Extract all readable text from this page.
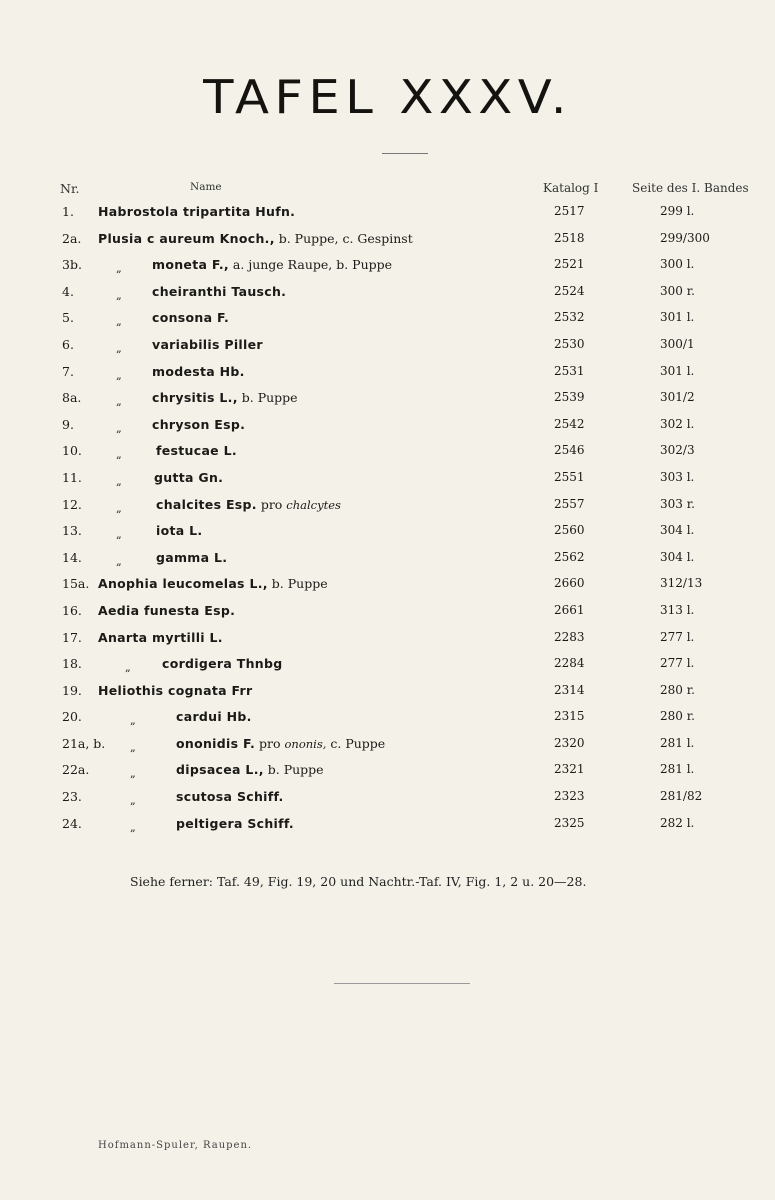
TAFEL XXXV.
Nr.	Name	Katalog I	Seite des I. Bandes
1. Habrostola tripartita Hufn.	2517	299 l.
2a. Plusia c aureum Knoch., b. Puppe, c. Gespinst	2518	299/300
3b.	„ moneta F., a. junge Raupe, b. Puppe	2521	300 l.
4.	„ cheiranthi Tausch.	2524	300 r.
5.	„ consona F.	2532	301 l.
6.	„ variabilis Piller	2530	300/1
7.	„ modesta Hb.	2531	301 l.
8a.	„ chrysitis L., b. Puppe	2539	301/2
9.	„ chryson Esp.	2542	302 l.
10.	„	festucae L.	2546	302/3
11.	„	gutta Gn.	2551	303 l.
12.	„	chalcites Esp. pro chalcytes	2557	303 r.
13.	„	iota L.	2560	304 l.
14.	„	gamma L.	2562	304 l.
15a. Anophia leucomelas L., b. Puppe	2660	312/13
16. Aedia funesta Esp.	2661	313 l.
17. Anarta myrtilli L.	2283	277 l.
18.	„	cordigera Thnbg	2284	277 l.
19. Heliothis cognata Frr	2314	280 r.
20.	„	cardui Hb.	2315	280 r.
21a, b. „	ononidis F. pro ononis, c. Puppe	2320	281 l.
22a.	„	dipsacea L., b. Puppe	2321	281 l.
23.	„	scutosa Schiff.	2323	281/82
24.	„	peltigera Schiff.	2325	282 l.
Siehe ferner: Taf. 49, Fig. 19, 20 und Nachtr.-Taf. IV, Fig. 1, 2 u. 20—28.
Hofmann-Spuler, Raupen.
